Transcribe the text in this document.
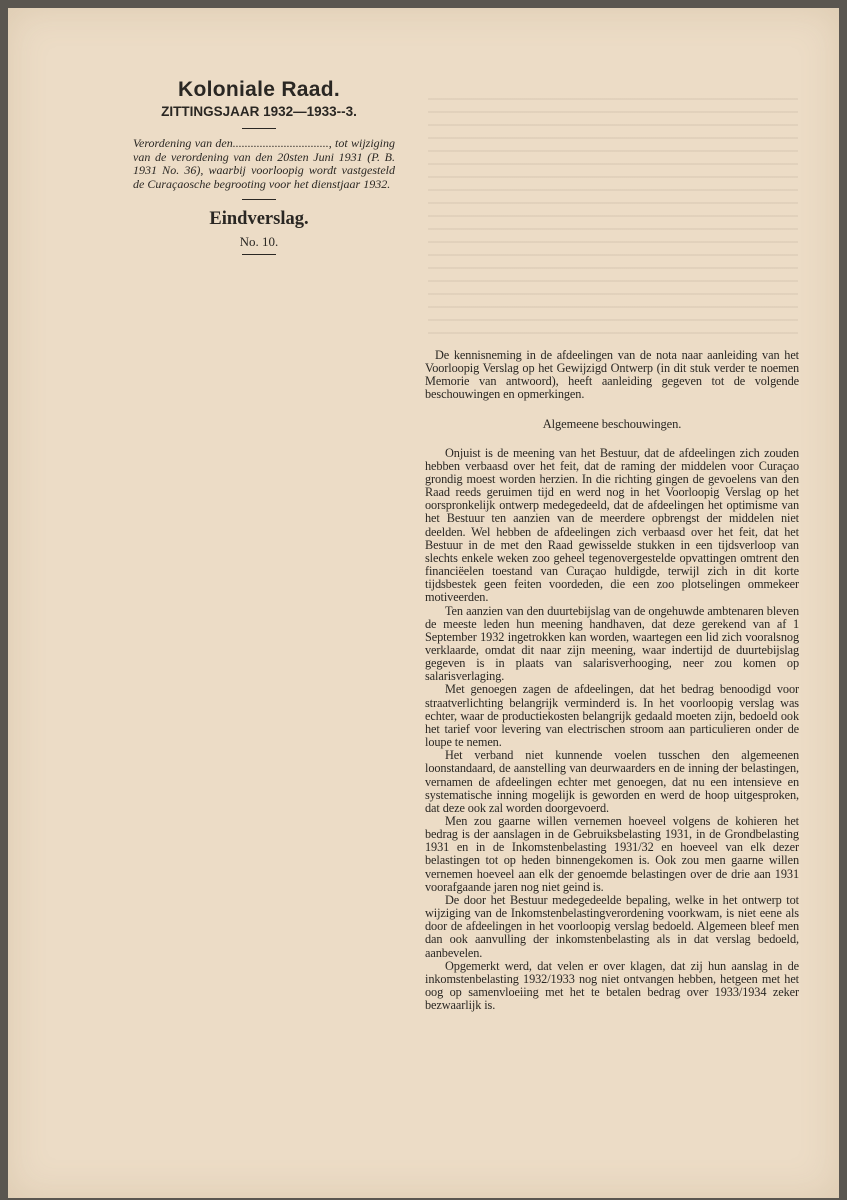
Koloniale Raad.
ZITTINGSJAAR 1932—1933--3.

Verordening van den................................, tot wijziging van de verordening van den 20sten Juni 1931 (P. B. 1931 No. 36), waarbij voorloopig wordt vastgesteld de Curaçaosche begrooting voor het dienstjaar 1932.

Eindverslag.
No. 10.

De kennisneming in de afdeelingen van de nota naar aanleiding van het Voorloopig Verslag op het Gewijzigd Ontwerp (in dit stuk verder te noemen Memorie van antwoord), heeft aanleiding gegeven tot de volgende beschouwingen en opmerkingen.

Algemeene beschouwingen.

Onjuist is de meening van het Bestuur, dat de afdeelingen zich zouden hebben verbaasd over het feit, dat de raming der middelen voor Curaçao grondig moest worden herzien. In die richting gingen de gevoelens van den Raad reeds geruimen tijd en werd nog in het Voorloopig Verslag op het oorspronkelijk ontwerp medegedeeld, dat de afdeelingen het optimisme van het Bestuur ten aanzien van de meerdere opbrengst der middelen niet deelden. Wel hebben de afdeelingen zich verbaasd over het feit, dat het Bestuur in de met den Raad gewisselde stukken in een tijdsverloop van slechts enkele weken zoo geheel tegenovergestelde opvattingen omtrent den financiëelen toestand van Curaçao huldigde, terwijl zich in dit korte tijdsbestek geen feiten voordeden, die een zoo plotselingen ommekeer motiveerden.

Ten aanzien van den duurtebijslag van de ongehuwde ambtenaren bleven de meeste leden hun meening handhaven, dat deze gerekend van af 1 September 1932 ingetrokken kan worden, waartegen een lid zich vooralsnog verklaarde, omdat dit naar zijn meening, waar indertijd de duurtebijslag gegeven is in plaats van salarisverhooging, neer zou komen op salarisverlaging.

Met genoegen zagen de afdeelingen, dat het bedrag benoodigd voor straatverlichting belangrijk verminderd is. In het voorloopig verslag was echter, waar de productiekosten belangrijk gedaald moeten zijn, bedoeld ook het tarief voor levering van electrischen stroom aan particulieren onder de loupe te nemen.

Het verband niet kunnende voelen tusschen den algemeenen loonstandaard, de aanstelling van deurwaarders en de inning der belastingen, vernamen de afdeelingen echter met genoegen, dat nu een intensieve en systematische inning mogelijk is geworden en werd de hoop uitgesproken, dat deze ook zal worden doorgevoerd.

Men zou gaarne willen vernemen hoeveel volgens de kohieren het bedrag is der aanslagen in de Gebruiksbelasting 1931, in de Grondbelasting 1931 en in de Inkomstenbelasting 1931/32 en hoeveel van elk dezer belastingen tot op heden binnengekomen is. Ook zou men gaarne willen vernemen hoeveel aan elk der genoemde belastingen over de drie aan 1931 voorafgaande jaren nog niet geind is.

De door het Bestuur medegedeelde bepaling, welke in het ontwerp tot wijziging van de Inkomstenbelastingverordening voorkwam, is niet eene als door de afdeelingen in het voorloopig verslag bedoeld. Algemeen bleef men dan ook aanvulling der inkomstenbelasting als in dat verslag bedoeld, aanbevelen.

Opgemerkt werd, dat velen er over klagen, dat zij hun aanslag in de inkomstenbelasting 1932/1933 nog niet ontvangen hebben, hetgeen met het oog op samenvloeiing met het te betalen bedrag over 1933/1934 zeker bezwaarlijk is.
